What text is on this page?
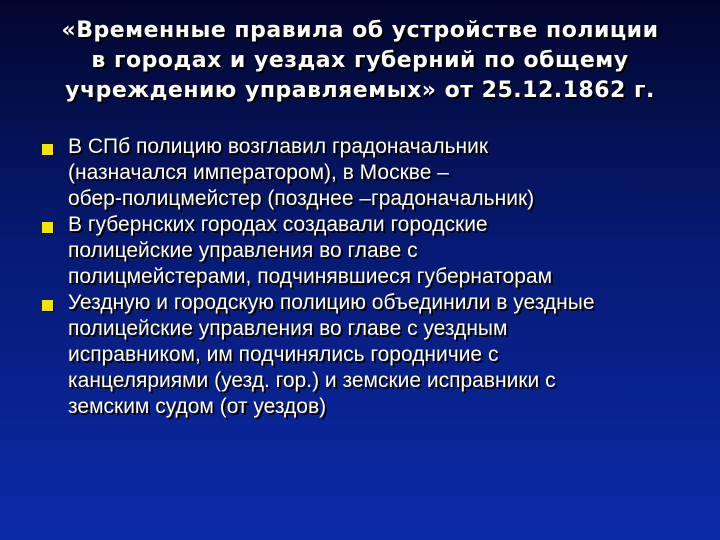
«Временные правила об устройстве полиции
в городах и уездах губерний по общему
учреждению управляемых» от 25.12.1862 г.
В СПб полицию возглавил градоначальник
(назначался императором), в Москве –
обер-полицмейстер (позднее –градоначальник)
В губернских городах создавали городские
полицейские управления во главе с
полицмейстерами, подчинявшиеся губернаторам
Уездную и городскую полицию объединили в уездные
полицейские управления во главе с уездным
исправником, им подчинялись городничие с
канцеляриями (уезд. гор.) и земские исправники с
земским судом (от уездов)
